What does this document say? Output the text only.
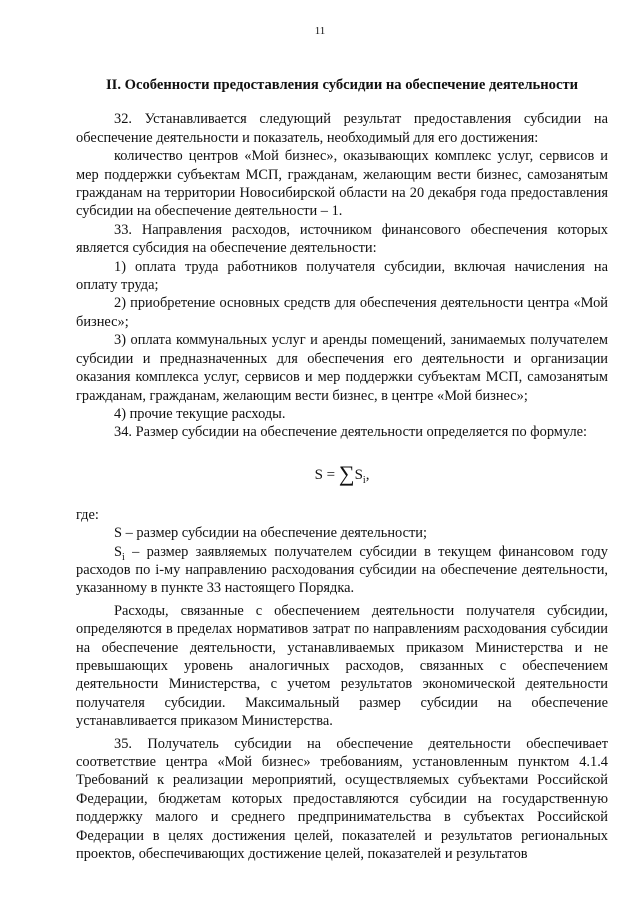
11
II. Особенности предоставления субсидии на обеспечение деятельности

32. Устанавливается следующий результат предоставления субсидии на обеспечение деятельности и показатель, необходимый для его достижения:

количество центров «Мой бизнес», оказывающих комплекс услуг, сервисов и мер поддержки субъектам МСП, гражданам, желающим вести бизнес, самозанятым гражданам на территории Новосибирской области на 20 декабря года предоставления субсидии на обеспечение деятельности – 1.

33. Направления расходов, источником финансового обеспечения которых является субсидия на обеспечение деятельности:

1) оплата труда работников получателя субсидии, включая начисления на оплату труда;

2) приобретение основных средств для обеспечения деятельности центра «Мой бизнес»;

3) оплата коммунальных услуг и аренды помещений, занимаемых получателем субсидии и предназначенных для обеспечения его деятельности и организации оказания комплекса услуг, сервисов и мер поддержки субъектам МСП, самозанятым гражданам, гражданам, желающим вести бизнес, в центре «Мой бизнес»;

4) прочие текущие расходы.

34. Размер субсидии на обеспечение деятельности определяется по формуле:

$S = \sum S_i$,

где:

S – размер субсидии на обеспечение деятельности;

$S_i$ – размер заявляемых получателем субсидии в текущем финансовом году расходов по i-му направлению расходования субсидии на обеспечение деятельности, указанному в пункте 33 настоящего Порядка.

Расходы, связанные с обеспечением деятельности получателя субсидии, определяются в пределах нормативов затрат по направлениям расходования субсидии на обеспечение деятельности, устанавливаемых приказом Министерства и не превышающих уровень аналогичных расходов, связанных с обеспечением деятельности Министерства, с учетом результатов экономической деятельности получателя субсидии. Максимальный размер субсидии на обеспечение устанавливается приказом Министерства.

35. Получатель субсидии на обеспечение деятельности обеспечивает соответствие центра «Мой бизнес» требованиям, установленным пунктом 4.1.4 Требований к реализации мероприятий, осуществляемых субъектами Российской Федерации, бюджетам которых предоставляются субсидии на государственную поддержку малого и среднего предпринимательства в субъектах Российской Федерации в целях достижения целей, показателей и результатов региональных проектов, обеспечивающих достижение целей, показателей и результатов
